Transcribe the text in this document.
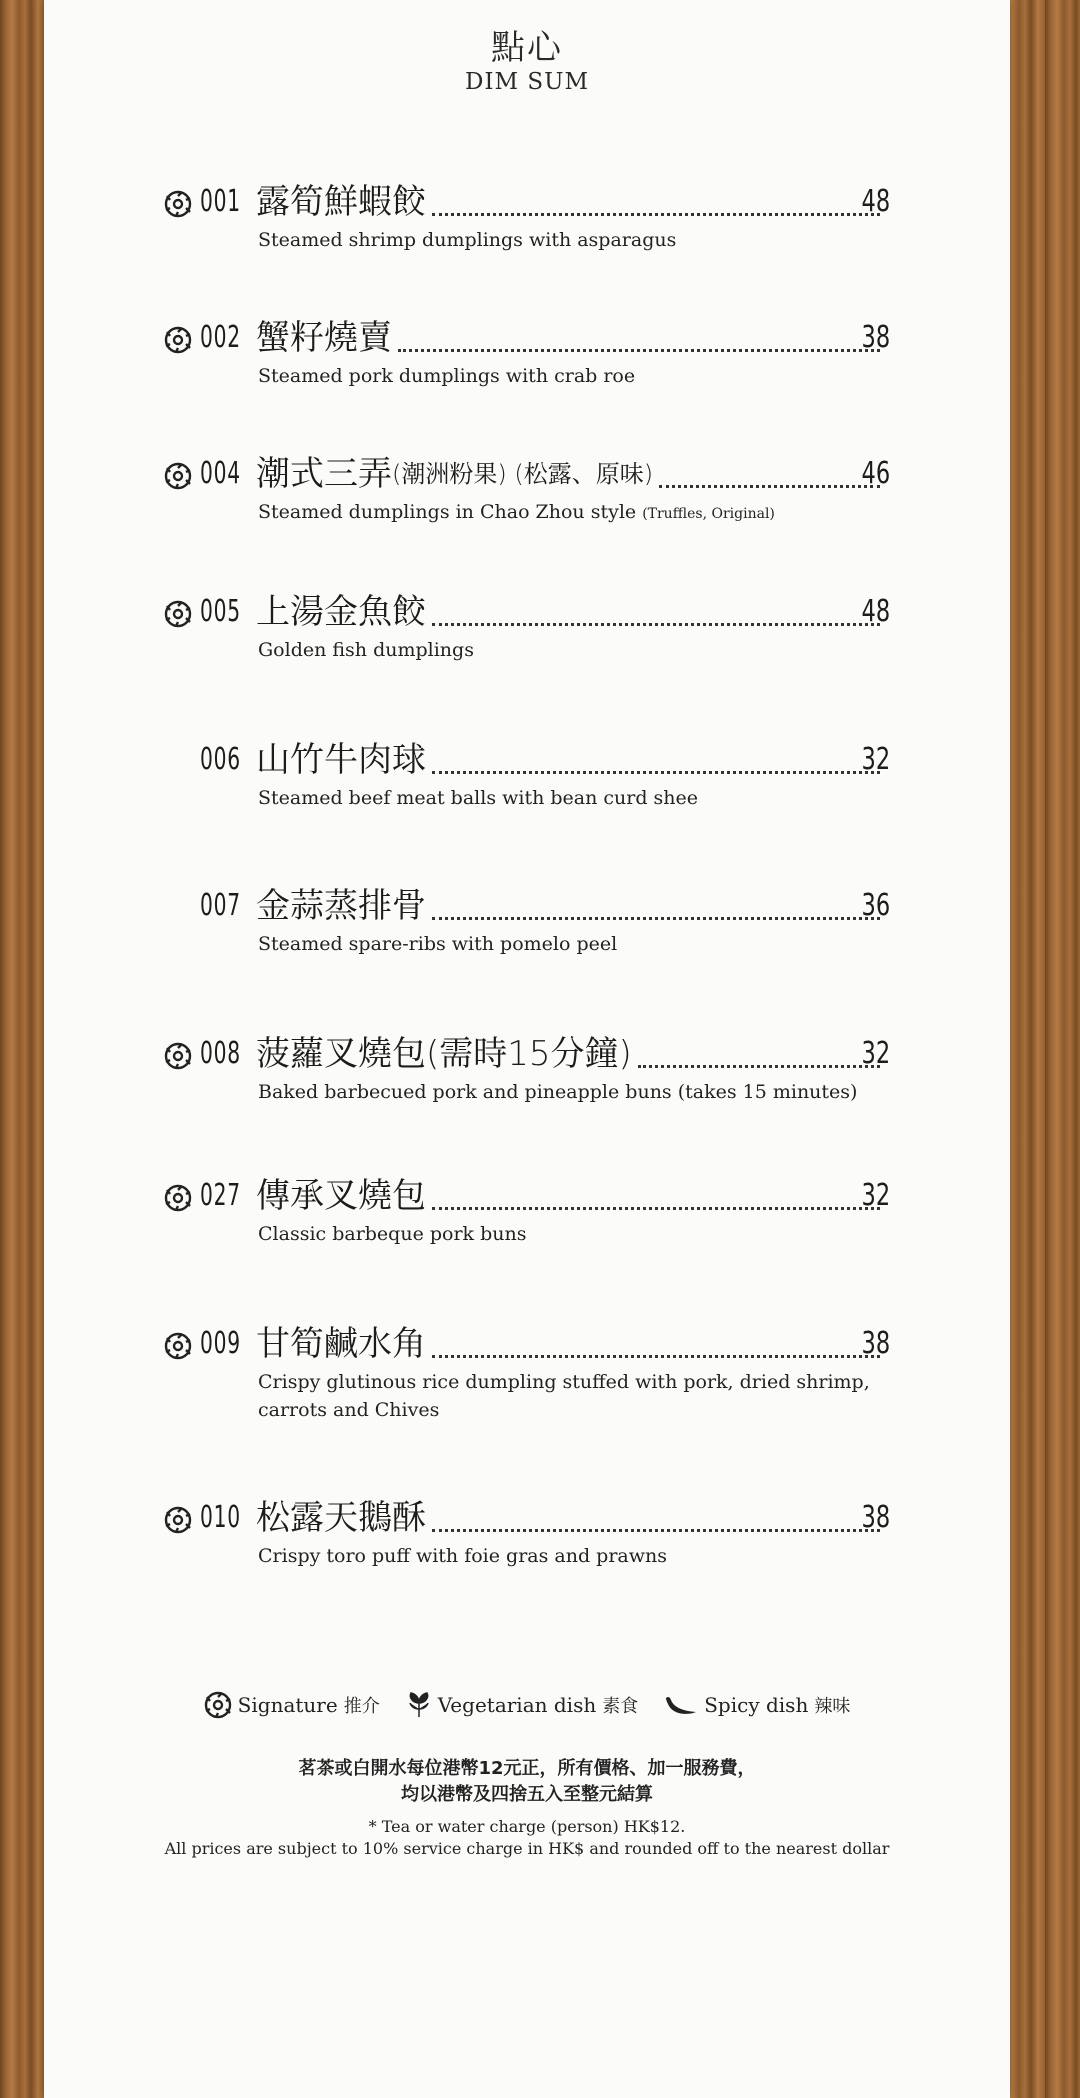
點心
DIM SUM
001 露筍鮮蝦餃	48
Steamed shrimp dumplings with asparagus
002 蟹籽燒賣	38
Steamed pork dumplings with crab roe
004 潮式三弄 (潮洲粉果) (松露、原味)	46
Steamed dumplings in Chao Zhou style (Truffles, Original)
005 上湯金魚餃	48
Golden fish dumplings
006 山竹牛肉球	32
Steamed beef meat balls with bean curd shee
007 金蒜蒸排骨	36
Steamed spare-ribs with pomelo peel
008 菠蘿叉燒包(需時15分鐘)	32
Baked barbecued pork and pineapple buns (takes 15 minutes)
027 傳承叉燒包	32
Classic barbeque pork buns
009 甘筍鹹水角	38
Crispy glutinous rice dumpling stuffed with pork, dried shrimp, carrots and Chives
010 松露天鵝酥	38
Crispy toro puff with foie gras and prawns
Signature 推介	Vegetarian dish 素食	Spicy dish 辣味
茗茶或白開水每位港幣12元正，所有價格、加一服務費，
均以港幣及四捨五入至整元結算
* Tea or water charge (person) HK$12.
All prices are subject to 10% service charge in HK$ and rounded off to the nearest dollar
